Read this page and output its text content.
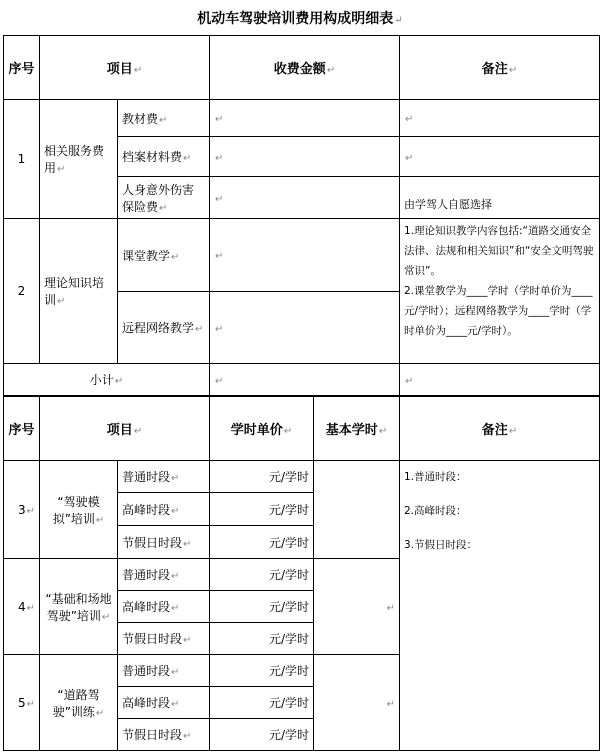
机动车驾驶培训费用构成明细表↵
序号	项目↵		收费金额↵	备注↵
1	相关服务费用↵	教材费↵	↵	↵
		档案材料费↵	↵	↵
		人身意外伤害保险费↵	↵	由学驾人自愿选择
2	理论知识培训↵	课堂教学↵	↵	1.理论知识教学内容包括:“道路交通安全法律、法规和相关知识”和“安全文明驾驶常识”。
2.课堂教学为____学时（学时单价为____元/学时）；远程网络教学为____学时（学时单价为____元/学时）。

		远程网络教学↵	↵	
小计↵			↵	↵
序号	项目↵		学时单价↵	基本学时↵	备注↵
3↵	“驾驶模拟”培训↵	普通时段↵	元/学时		1.普通时段：
2.高峰时段：
3.节假日时段：

		高峰时段↵	元/学时		
		节假日时段↵	元/学时		
4↵	“基础和场地驾驶”培训↵	普通时段↵	元/学时	↵	
		高峰时段↵	元/学时		
		节假日时段↵	元/学时		
5↵	“道路驾驶”训练↵	普通时段↵	元/学时	↵	
		高峰时段↵	元/学时		
		节假日时段↵	元/学时		
